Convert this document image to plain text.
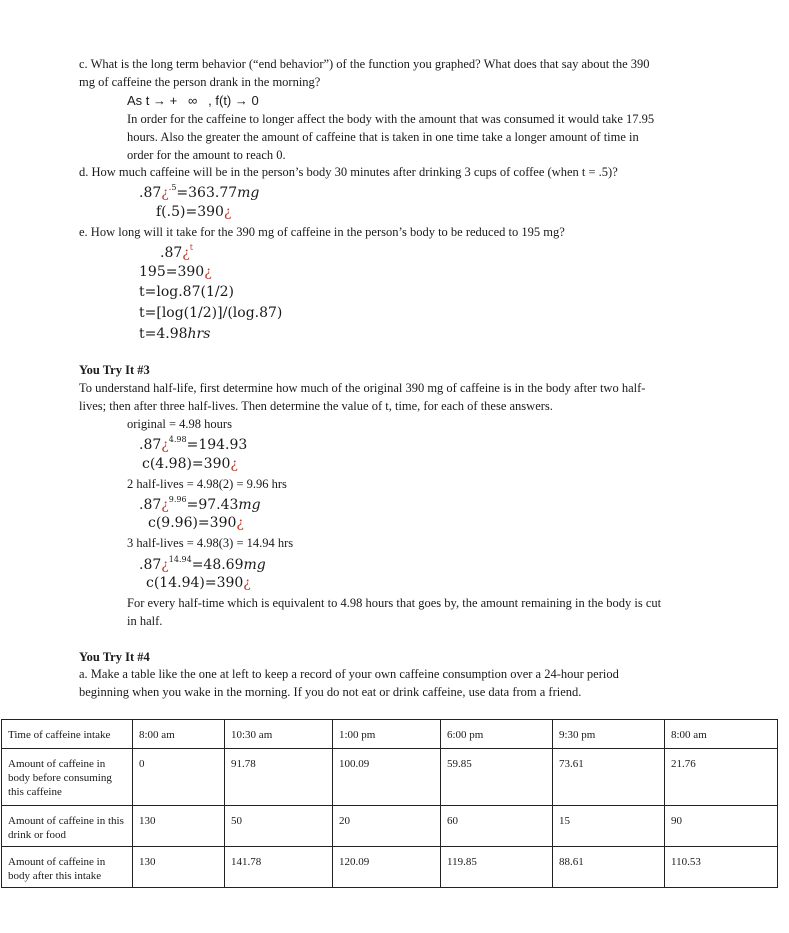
c. What is the long term behavior (“end behavior”) of the function you graphed? What does that say about the 390
mg of caffeine the person drank in the morning?
As t → +   ∞   , f(t) → 0
In order for the caffeine to longer affect the body with the amount that was consumed it would take 17.95
hours. Also the greater the amount of caffeine that is taken in one time take a longer amount of time in
order for the amount to reach 0.
d. How much caffeine will be in the person’s body 30 minutes after drinking 3 cups of coffee (when t = .5)?
.87¿$^{.5}$=363.77mg
f(.5)=390¿
e. How long will it take for the 390 mg of caffeine in the person’s body to be reduced to 195 mg?
.87¿$^t$
195=390¿
t=log.87(1/2)
t=[log(1/2)]/(log.87)
t=4.98hrs
You Try It #3
To understand half-life, first determine how much of the original 390 mg of caffeine is in the body after two half-
lives; then after three half-lives. Then determine the value of t, time, for each of these answers.
original = 4.98 hours
.87¿$^{4.98}$=194.93
c(4.98)=390¿
2 half-lives = 4.98(2) = 9.96 hrs
.87¿$^{9.96}$=97.43mg
c(9.96)=390¿
3 half-lives = 4.98(3) = 14.94 hrs
.87¿$^{14.94}$=48.69mg
c(14.94)=390¿
For every half-time which is equivalent to 4.98 hours that goes by, the amount remaining in the body is cut
in half.
You Try It #4
a. Make a table like the one at left to keep a record of your own caffeine consumption over a 24-hour period
beginning when you wake in the morning. If you do not eat or drink caffeine, use data from a friend.
Time of caffeine intake	8:00 am	10:30 am	1:00 pm	6:00 pm	9:30 pm	8:00 am
Amount of caffeine in body before consuming this caffeine	0	91.78	100.09	59.85	73.61	21.76
Amount of caffeine in this drink or food	130	50	20	60	15	90
Amount of caffeine in body after this intake	130	141.78	120.09	119.85	88.61	110.53
